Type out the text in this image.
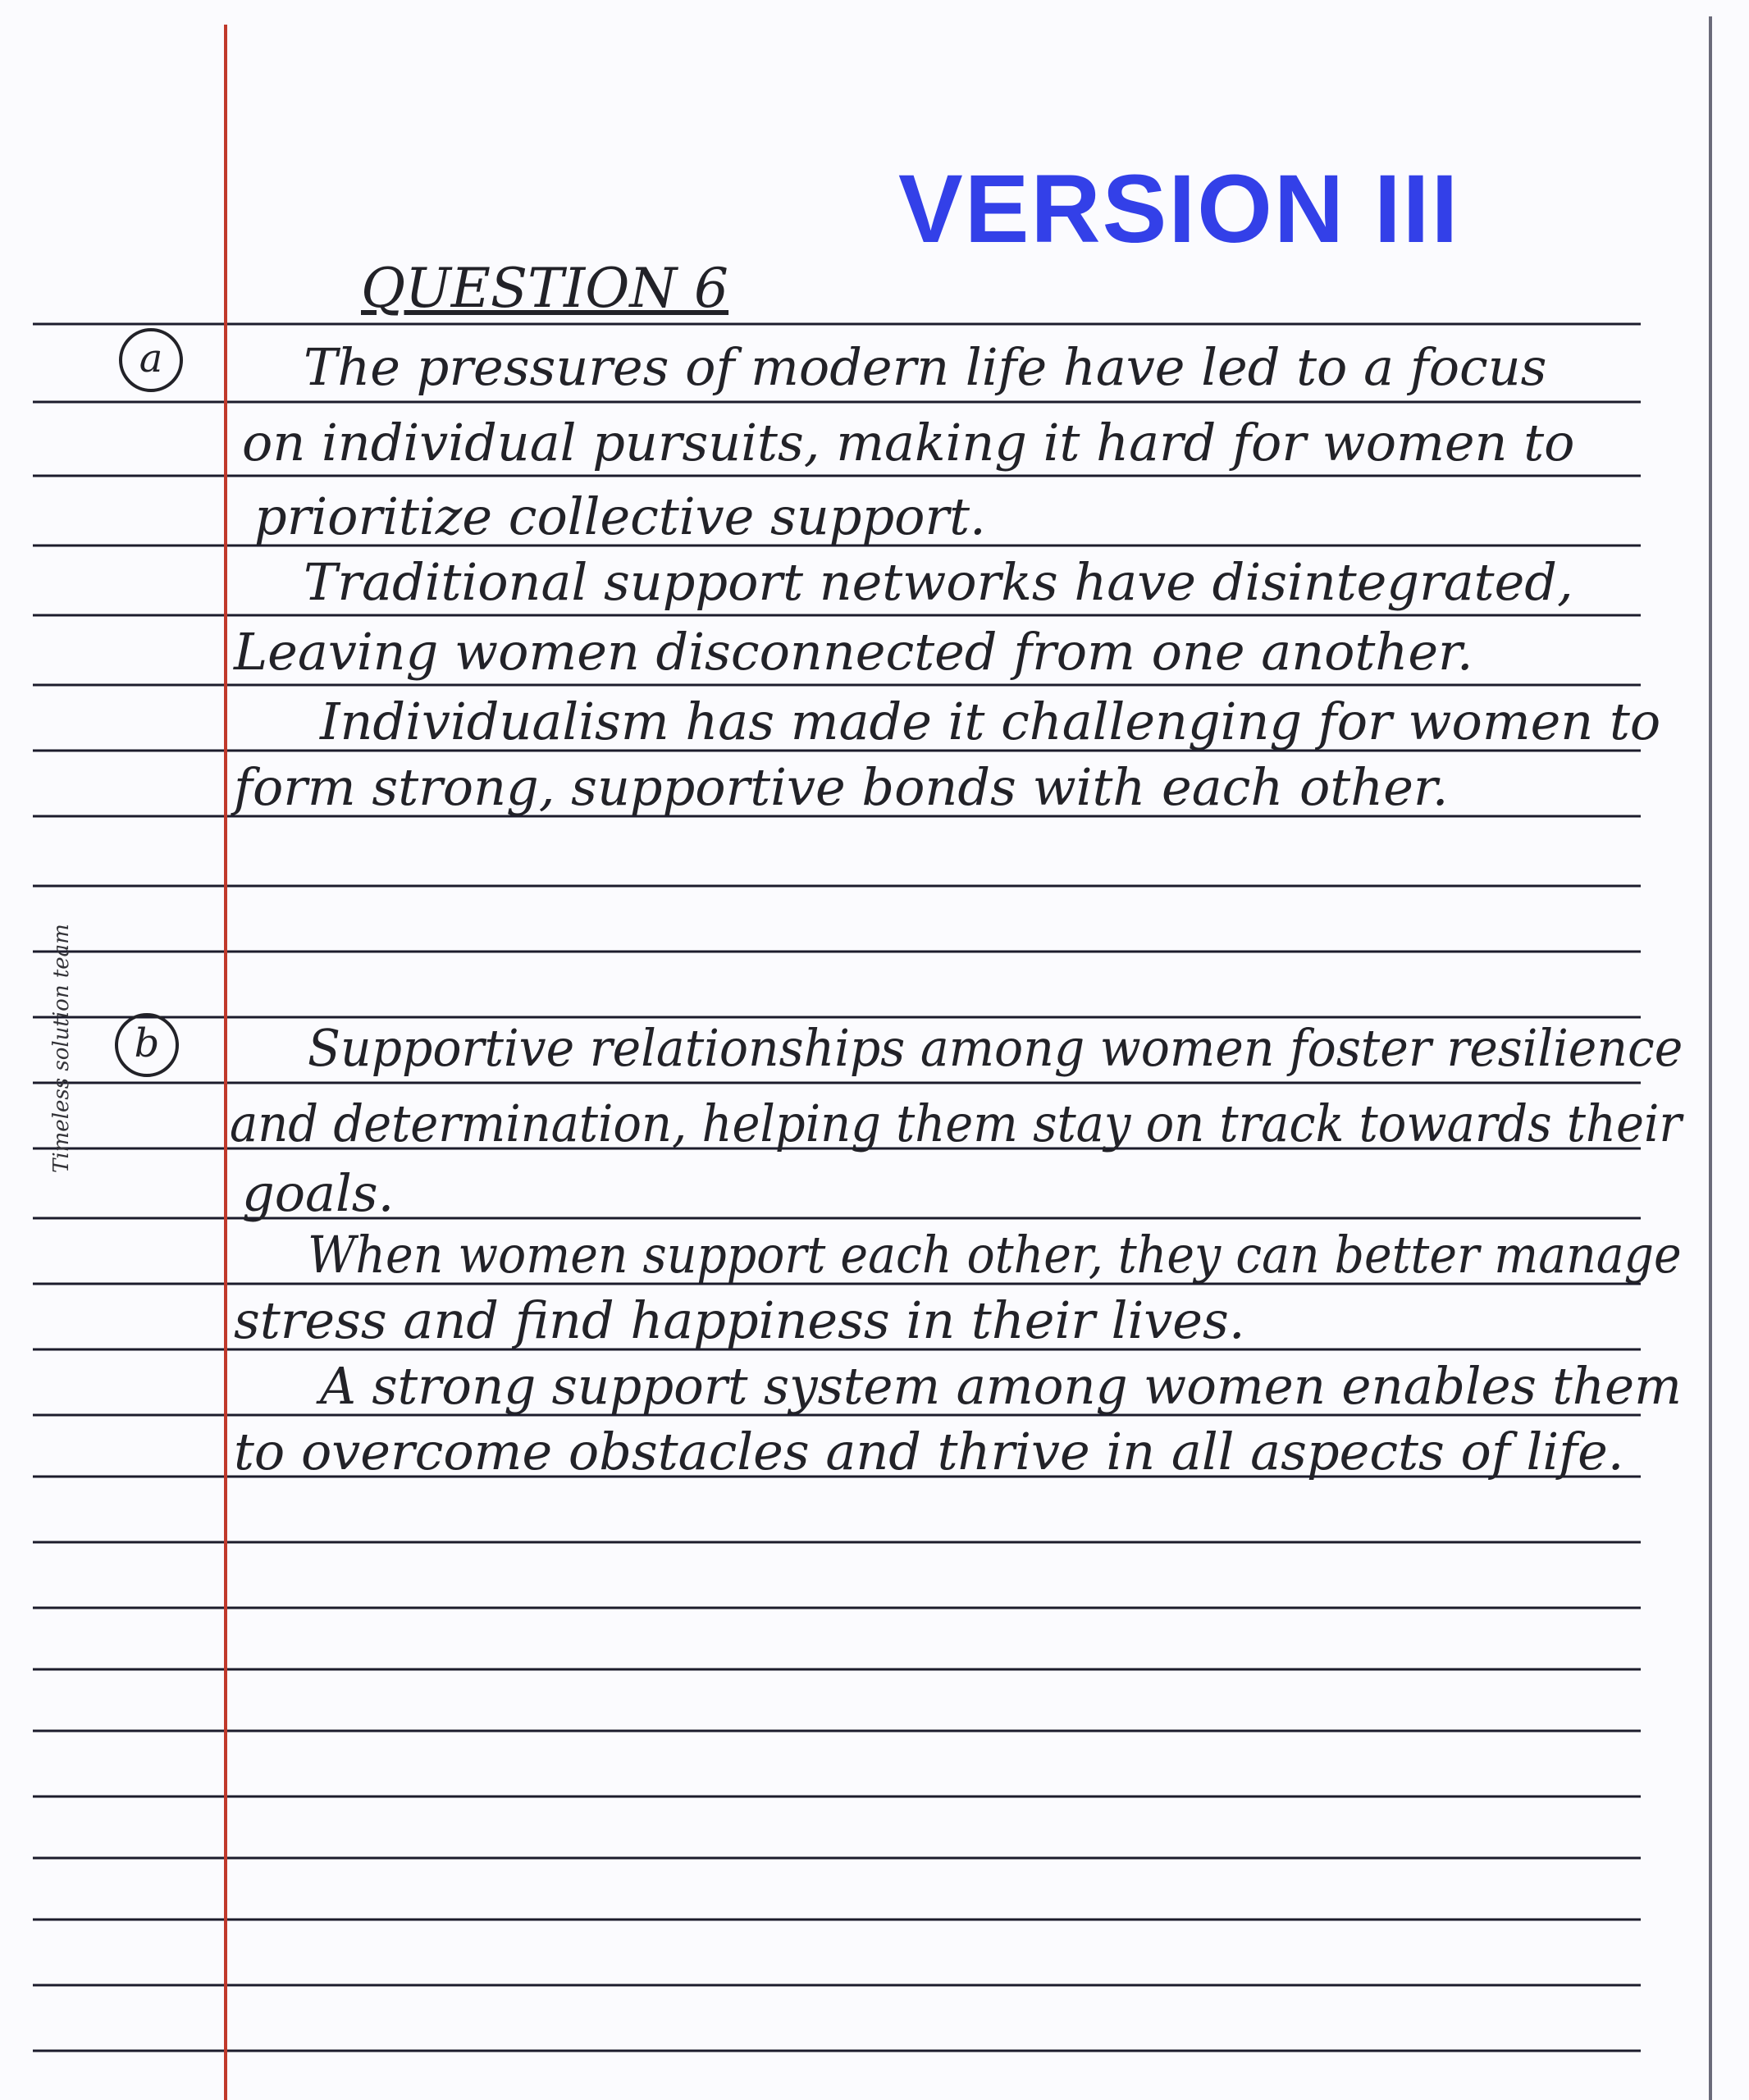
VERSION III
Timeless solution team
QUESTION 6
a	The pressures of modern life have led to a focus
on individual pursuits, making it hard for women to
prioritize collective support.
Traditional support networks have disintegrated,
Leaving women disconnected from one another.
Individualism has made it challenging for women to
form strong, supportive bonds with each other.
b	Supportive relationships among women foster resilience
and determination, helping them stay on track towards their
goals.
When women support each other, they can better manage
stress and find happiness in their lives.
A strong support system among women enables them
to overcome obstacles and thrive in all aspects of life.
